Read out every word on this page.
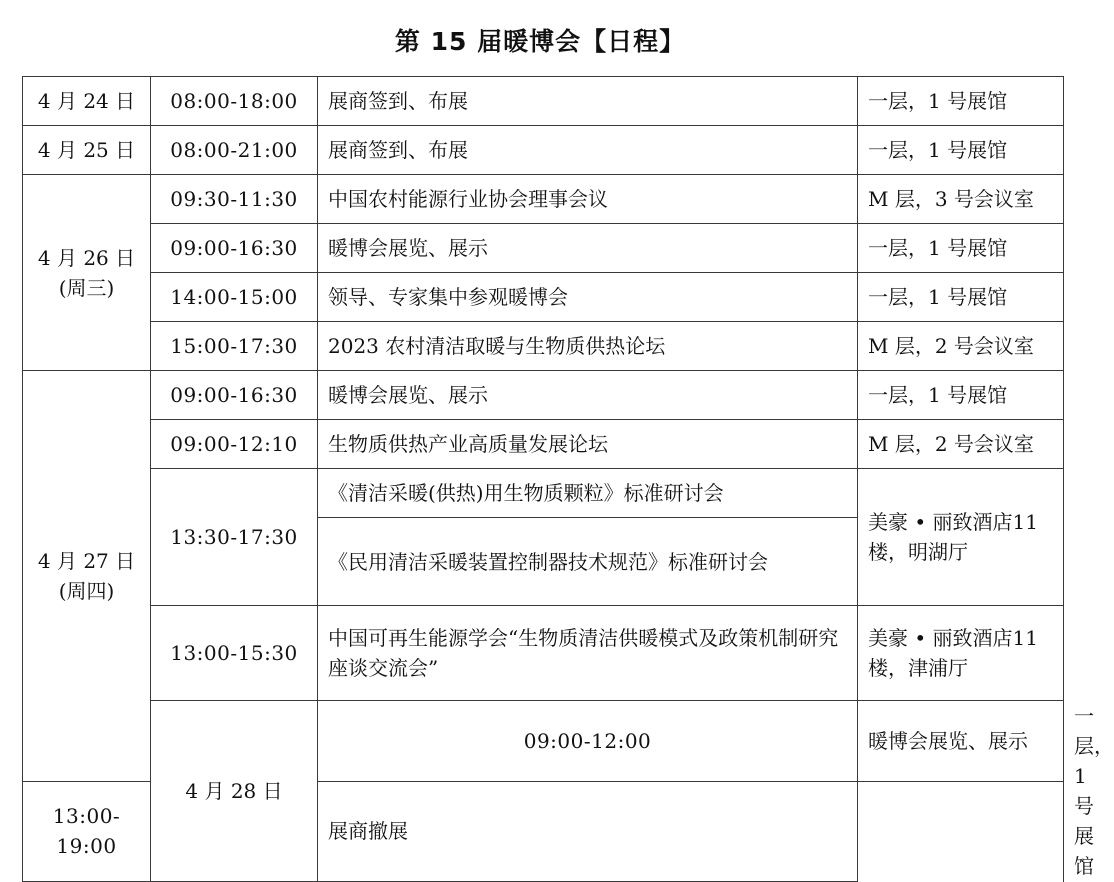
第 15 届暖博会【日程】
4 月 24 日	08:00-18:00	展商签到、布展	一层，1 号展馆	
4 月 25 日	08:00-21:00	展商签到、布展	一层，1 号展馆	

4 月 26 日
(周三)	09:30-11:30	中国农村能源行业协会理事会议	M 层，3 号会议室	
	09:00-16:30	暖博会展览、展示	一层，1 号展馆	
	14:00-15:00	领导、专家集中参观暖博会	一层，1 号展馆	
	15:00-17:30	2023 农村清洁取暖与生物质供热论坛	M 层，2 号会议室	

4 月 27 日
(周四)	09:00-16:30	暖博会展览、展示	一层，1 号展馆	
	09:00-12:10	生物质供热产业高质量发展论坛	M 层，2 号会议室	
	13:30-17:30	《清洁采暖(供热)用生物质颗粒》标准研讨会	美豪 • 丽致酒店11 楼，明湖厅	
		《民用清洁采暖装置控制器技术规范》标准研讨会		
	13:00-15:30	中国可再生能源学会“生物质清洁供暖模式及政策机制研究座谈交流会”	美豪 • 丽致酒店11 楼，津浦厅	
	4 月 28 日	09:00-12:00	暖博会展览、展示	一层，1 号展馆
13:00-19:00		展商撤展		
